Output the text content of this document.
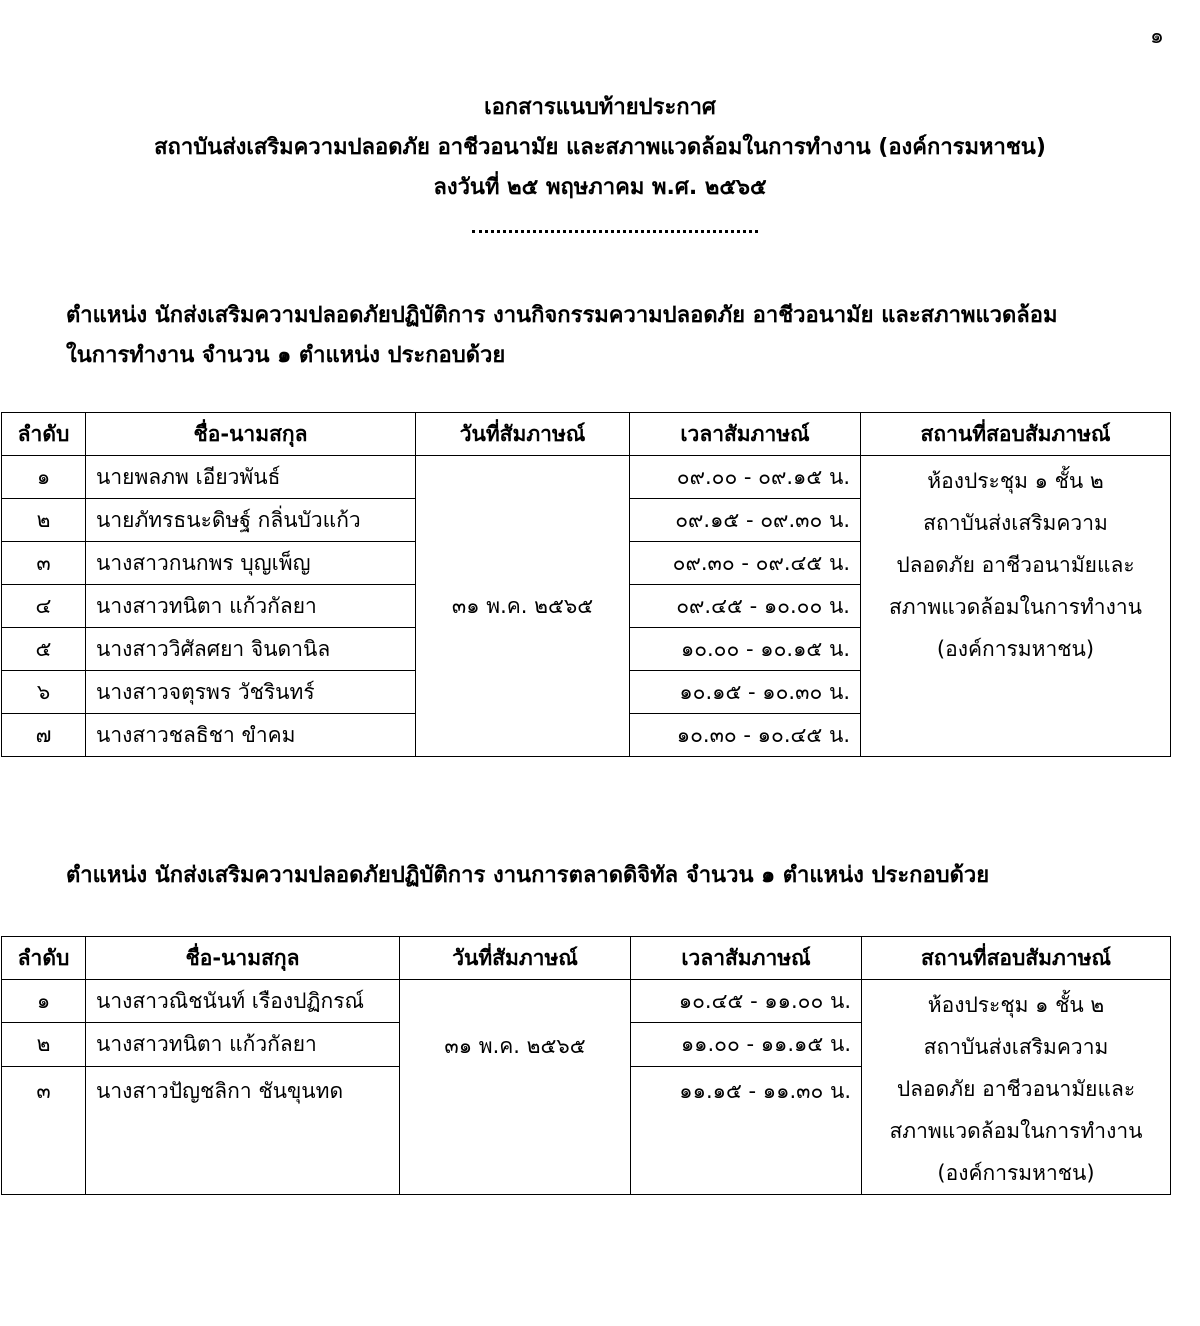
๑
เอกสารแนบท้ายประกาศ
สถาบันส่งเสริมความปลอดภัย อาชีวอนามัย และสภาพแวดล้อมในการทำงาน (องค์การมหาชน)
ลงวันที่ ๒๕ พฤษภาคม พ.ศ. ๒๕๖๕
ตำแหน่ง นักส่งเสริมความปลอดภัยปฏิบัติการ งานกิจกรรมความปลอดภัย อาชีวอนามัย และสภาพแวดล้อม
ในการทำงาน จำนวน ๑ ตำแหน่ง ประกอบด้วย
ลำดับ	ชื่อ-นามสกุล	วันที่สัมภาษณ์	เวลาสัมภาษณ์	สถานที่สอบสัมภาษณ์
๑	นายพลภพ เอียวพันธ์	๓๑ พ.ค. ๒๕๖๕	๐๙.๐๐ - ๐๙.๑๕ น.	ห้องประชุม ๑ ชั้น ๒
สถาบันส่งเสริมความ
ปลอดภัย อาชีวอนามัยและ
สภาพแวดล้อมในการทำงาน
(องค์การมหาชน)

๒	นายภัทรธนะดิษฐ์ กลิ่นบัวแก้ว		๐๙.๑๕ - ๐๙.๓๐ น.	
๓	นางสาวกนกพร บุญเพ็ญ		๐๙.๓๐ - ๐๙.๔๕ น.	
๔	นางสาวทนิตา แก้วกัลยา		๐๙.๔๕ - ๑๐.๐๐ น.	
๕	นางสาววิศัลศยา จินดานิล		๑๐.๐๐ - ๑๐.๑๕ น.	
๖	นางสาวจตุรพร วัชรินทร์		๑๐.๑๕ - ๑๐.๓๐ น.	
๗	นางสาวชลธิชา ขำคม		๑๐.๓๐ - ๑๐.๔๕ น.	
ตำแหน่ง นักส่งเสริมความปลอดภัยปฏิบัติการ งานการตลาดดิจิทัล จำนวน ๑ ตำแหน่ง ประกอบด้วย
ลำดับ	ชื่อ-นามสกุล	วันที่สัมภาษณ์	เวลาสัมภาษณ์	สถานที่สอบสัมภาษณ์
๑	นางสาวณิชนันท์ เรืองปฏิกรณ์	๓๑ พ.ค. ๒๕๖๕	๑๐.๔๕ - ๑๑.๐๐ น.	ห้องประชุม ๑ ชั้น ๒
สถาบันส่งเสริมความ
ปลอดภัย อาชีวอนามัยและ
สภาพแวดล้อมในการทำงาน
(องค์การมหาชน)

๒	นางสาวทนิตา แก้วกัลยา		๑๑.๐๐ - ๑๑.๑๕ น.	
๓	นางสาวปัญชลิกา ชันขุนทด		๑๑.๑๕ - ๑๑.๓๐ น.	
